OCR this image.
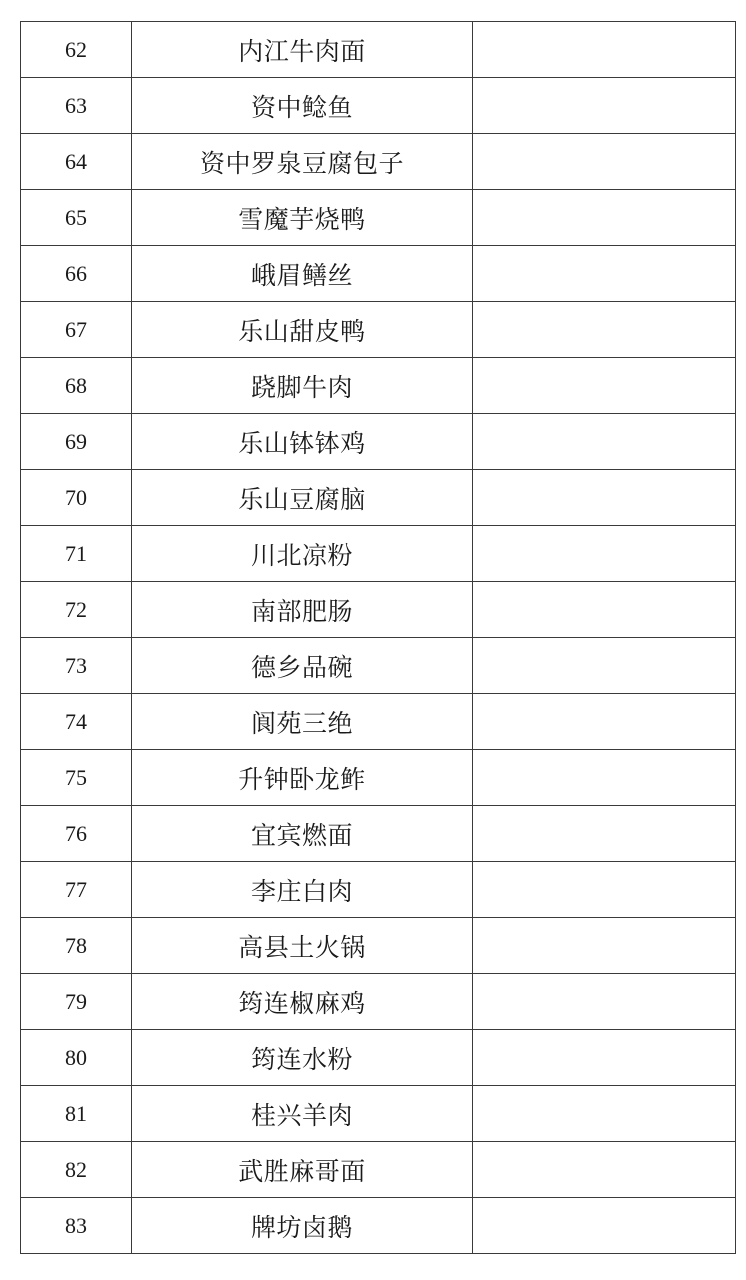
62	内江牛肉面	
63	资中鲶鱼	
64	资中罗泉豆腐包子	
65	雪魔芋烧鸭	
66	峨眉鳝丝	
67	乐山甜皮鸭	
68	跷脚牛肉	
69	乐山钵钵鸡	
70	乐山豆腐脑	
71	川北凉粉	
72	南部肥肠	
73	德乡品碗	
74	阆苑三绝	
75	升钟卧龙鲊	
76	宜宾燃面	
77	李庄白肉	
78	高县土火锅	
79	筠连椒麻鸡	
80	筠连水粉	
81	桂兴羊肉	
82	武胜麻哥面	
83	牌坊卤鹅	
